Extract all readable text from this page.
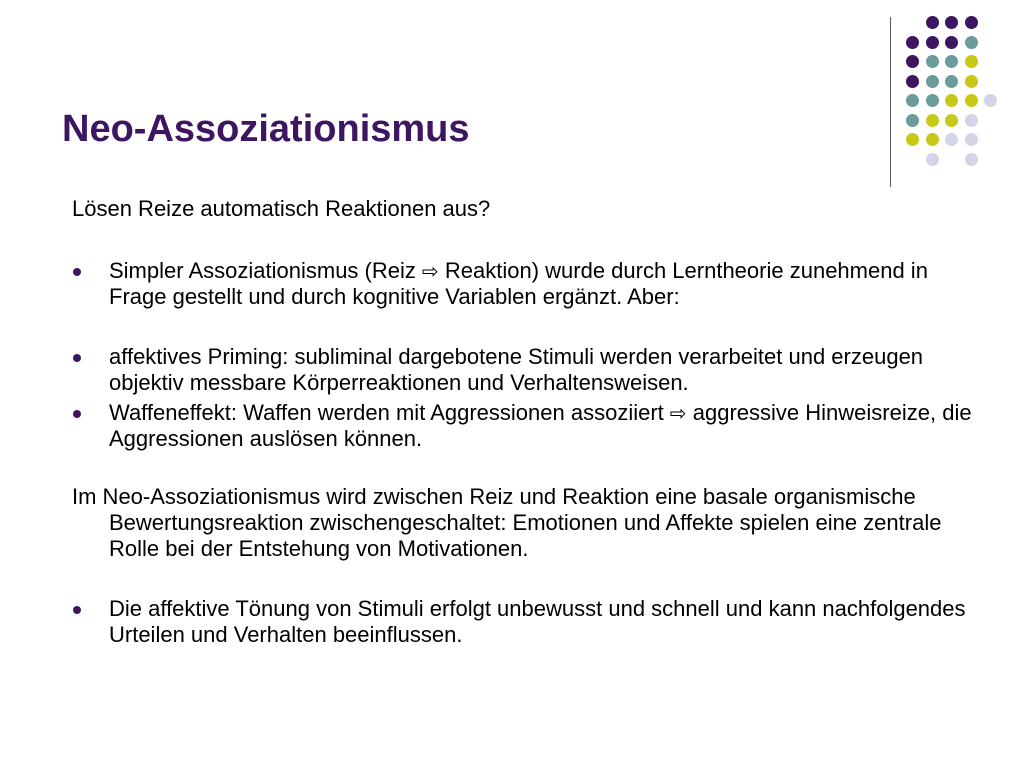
Neo-Assoziationismus
Lösen Reize automatisch Reaktionen aus?
Simpler Assoziationismus (Reiz ⇨ Reaktion) wurde durch Lerntheorie zunehmend in Frage gestellt und durch kognitive Variablen ergänzt. Aber:
affektives Priming: subliminal dargebotene Stimuli werden verarbeitet und erzeugen objektiv messbare Körperreaktionen und Verhaltensweisen.
Waffeneffekt: Waffen werden mit Aggressionen assoziiert ⇨ aggressive Hinweisreize, die Aggressionen auslösen können.
Im Neo-Assoziationismus wird zwischen Reiz und Reaktion eine basale organismische Bewertungsreaktion zwischengeschaltet: Emotionen und Affekte spielen eine zentrale Rolle bei der Entstehung von Motivationen.
Die affektive Tönung von Stimuli erfolgt unbewusst und schnell und kann nachfolgendes Urteilen und Verhalten beeinflussen.
